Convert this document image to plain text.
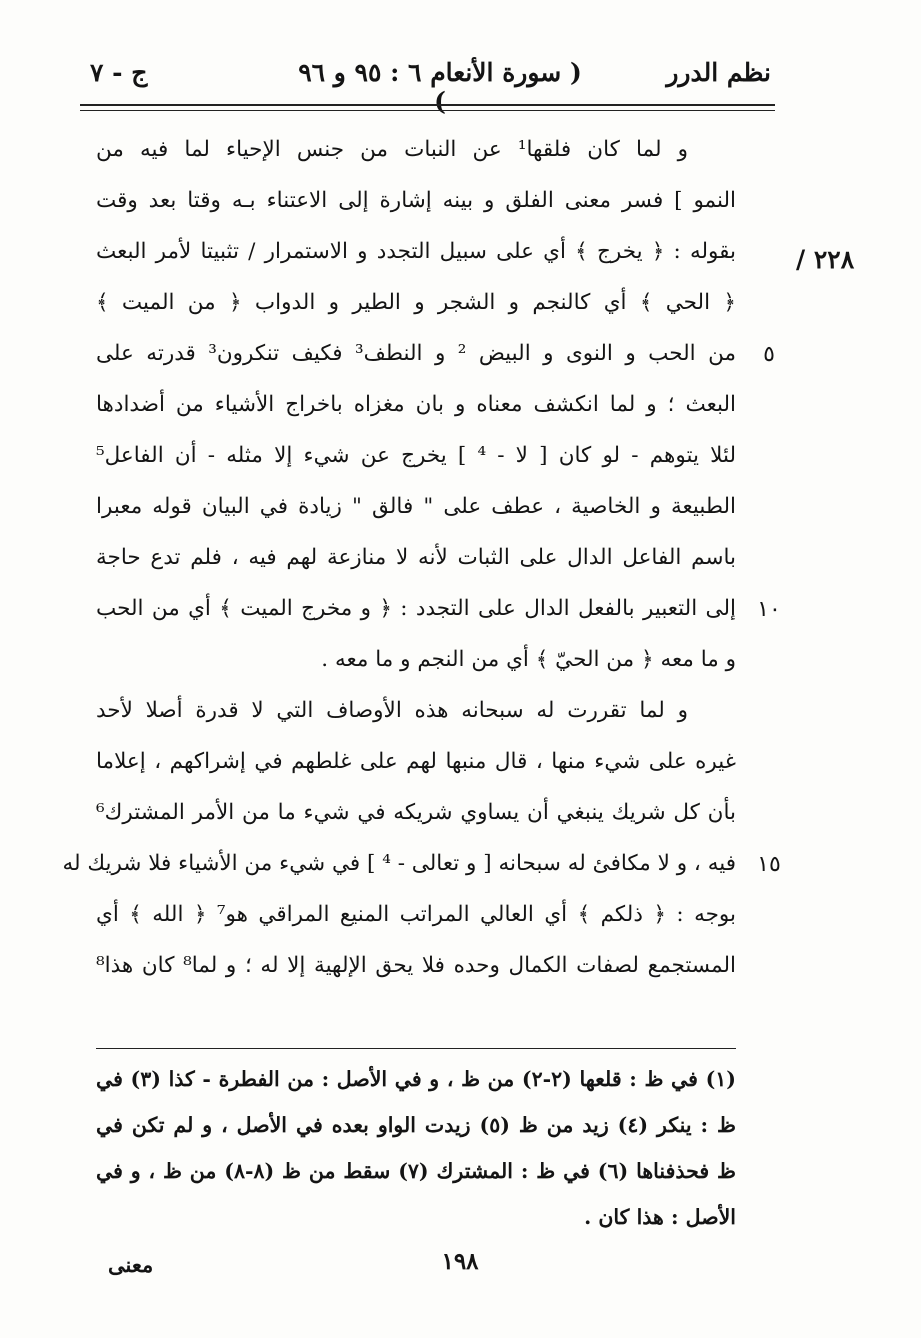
نظم الدرر
( سورة الأنعام ٦ : ٩٥ و ٩٦ )
ج - ٧
٢٢٨ /
٥
١٠
١٥
و لما كان فلقها¹ عن النبات من جنس الإحياء لما فيه من
النمو ] فسر معنى الفلق و بينه إشارة إلى الاعتناء بـه وقتا بعد وقت
بقوله : ﴿ يخرج ﴾ أي على سبيل التجدد و الاستمرار / تثبيتا لأمر البعث
﴿ الحي ﴾ أي كالنجم و الشجر و الطير و الدواب ﴿ من الميت ﴾
من الحب و النوى و البيض ² و النطف³ فكيف تنكرون³ قدرته على
البعث ؛ و لما انكشف معناه و بان مغزاه باخراج الأشياء من أضدادها
لئلا يتوهم - لو كان [ لا - ⁴ ] يخرج عن شيء إلا مثله - أن الفاعل⁵
الطبيعة و الخاصية ، عطف على " فالق " زيادة في البيان قوله معبرا
باسم الفاعل الدال على الثبات لأنه لا منازعة لهم فيه ، فلم تدع حاجة
إلى التعبير بالفعل الدال على التجدد : ﴿ و مخرج الميت ﴾ أي من الحب
و ما معه ﴿ من الحيّ ﴾ أي من النجم و ما معه .
و لما تقررت له سبحانه هذه الأوصاف التي لا قدرة أصلا لأحد
غيره على شيء منها ، قال منبها لهم على غلطهم في إشراكهم ، إعلاما
بأن كل شريك ينبغي أن يساوي شريكه في شيء ما من الأمر المشترك⁶
فيه ، و لا مكافئ له سبحانه [ و تعالى - ⁴ ] في شيء من الأشياء فلا شريك له
بوجه : ﴿ ذلكم ﴾ أي العالي المراتب المنيع المراقي هو⁷ ﴿ الله ﴾ أي
المستجمع لصفات الكمال وحده فلا يحق الإلهية إلا له ؛ و لما⁸ كان هذا⁸
(١) في ظ : قلعها (٢-٢) من ظ ، و في الأصل : من الفطرة - كذا (٣) في
ظ : ينكر (٤) زيد من ظ (٥) زيدت الواو بعده في الأصل ، و لم تكن في
ظ فحذفناها (٦) في ظ : المشترك (٧) سقط من ظ (٨-٨) من ظ ، و في
الأصل : هذا كان .
١٩٨
معنى
